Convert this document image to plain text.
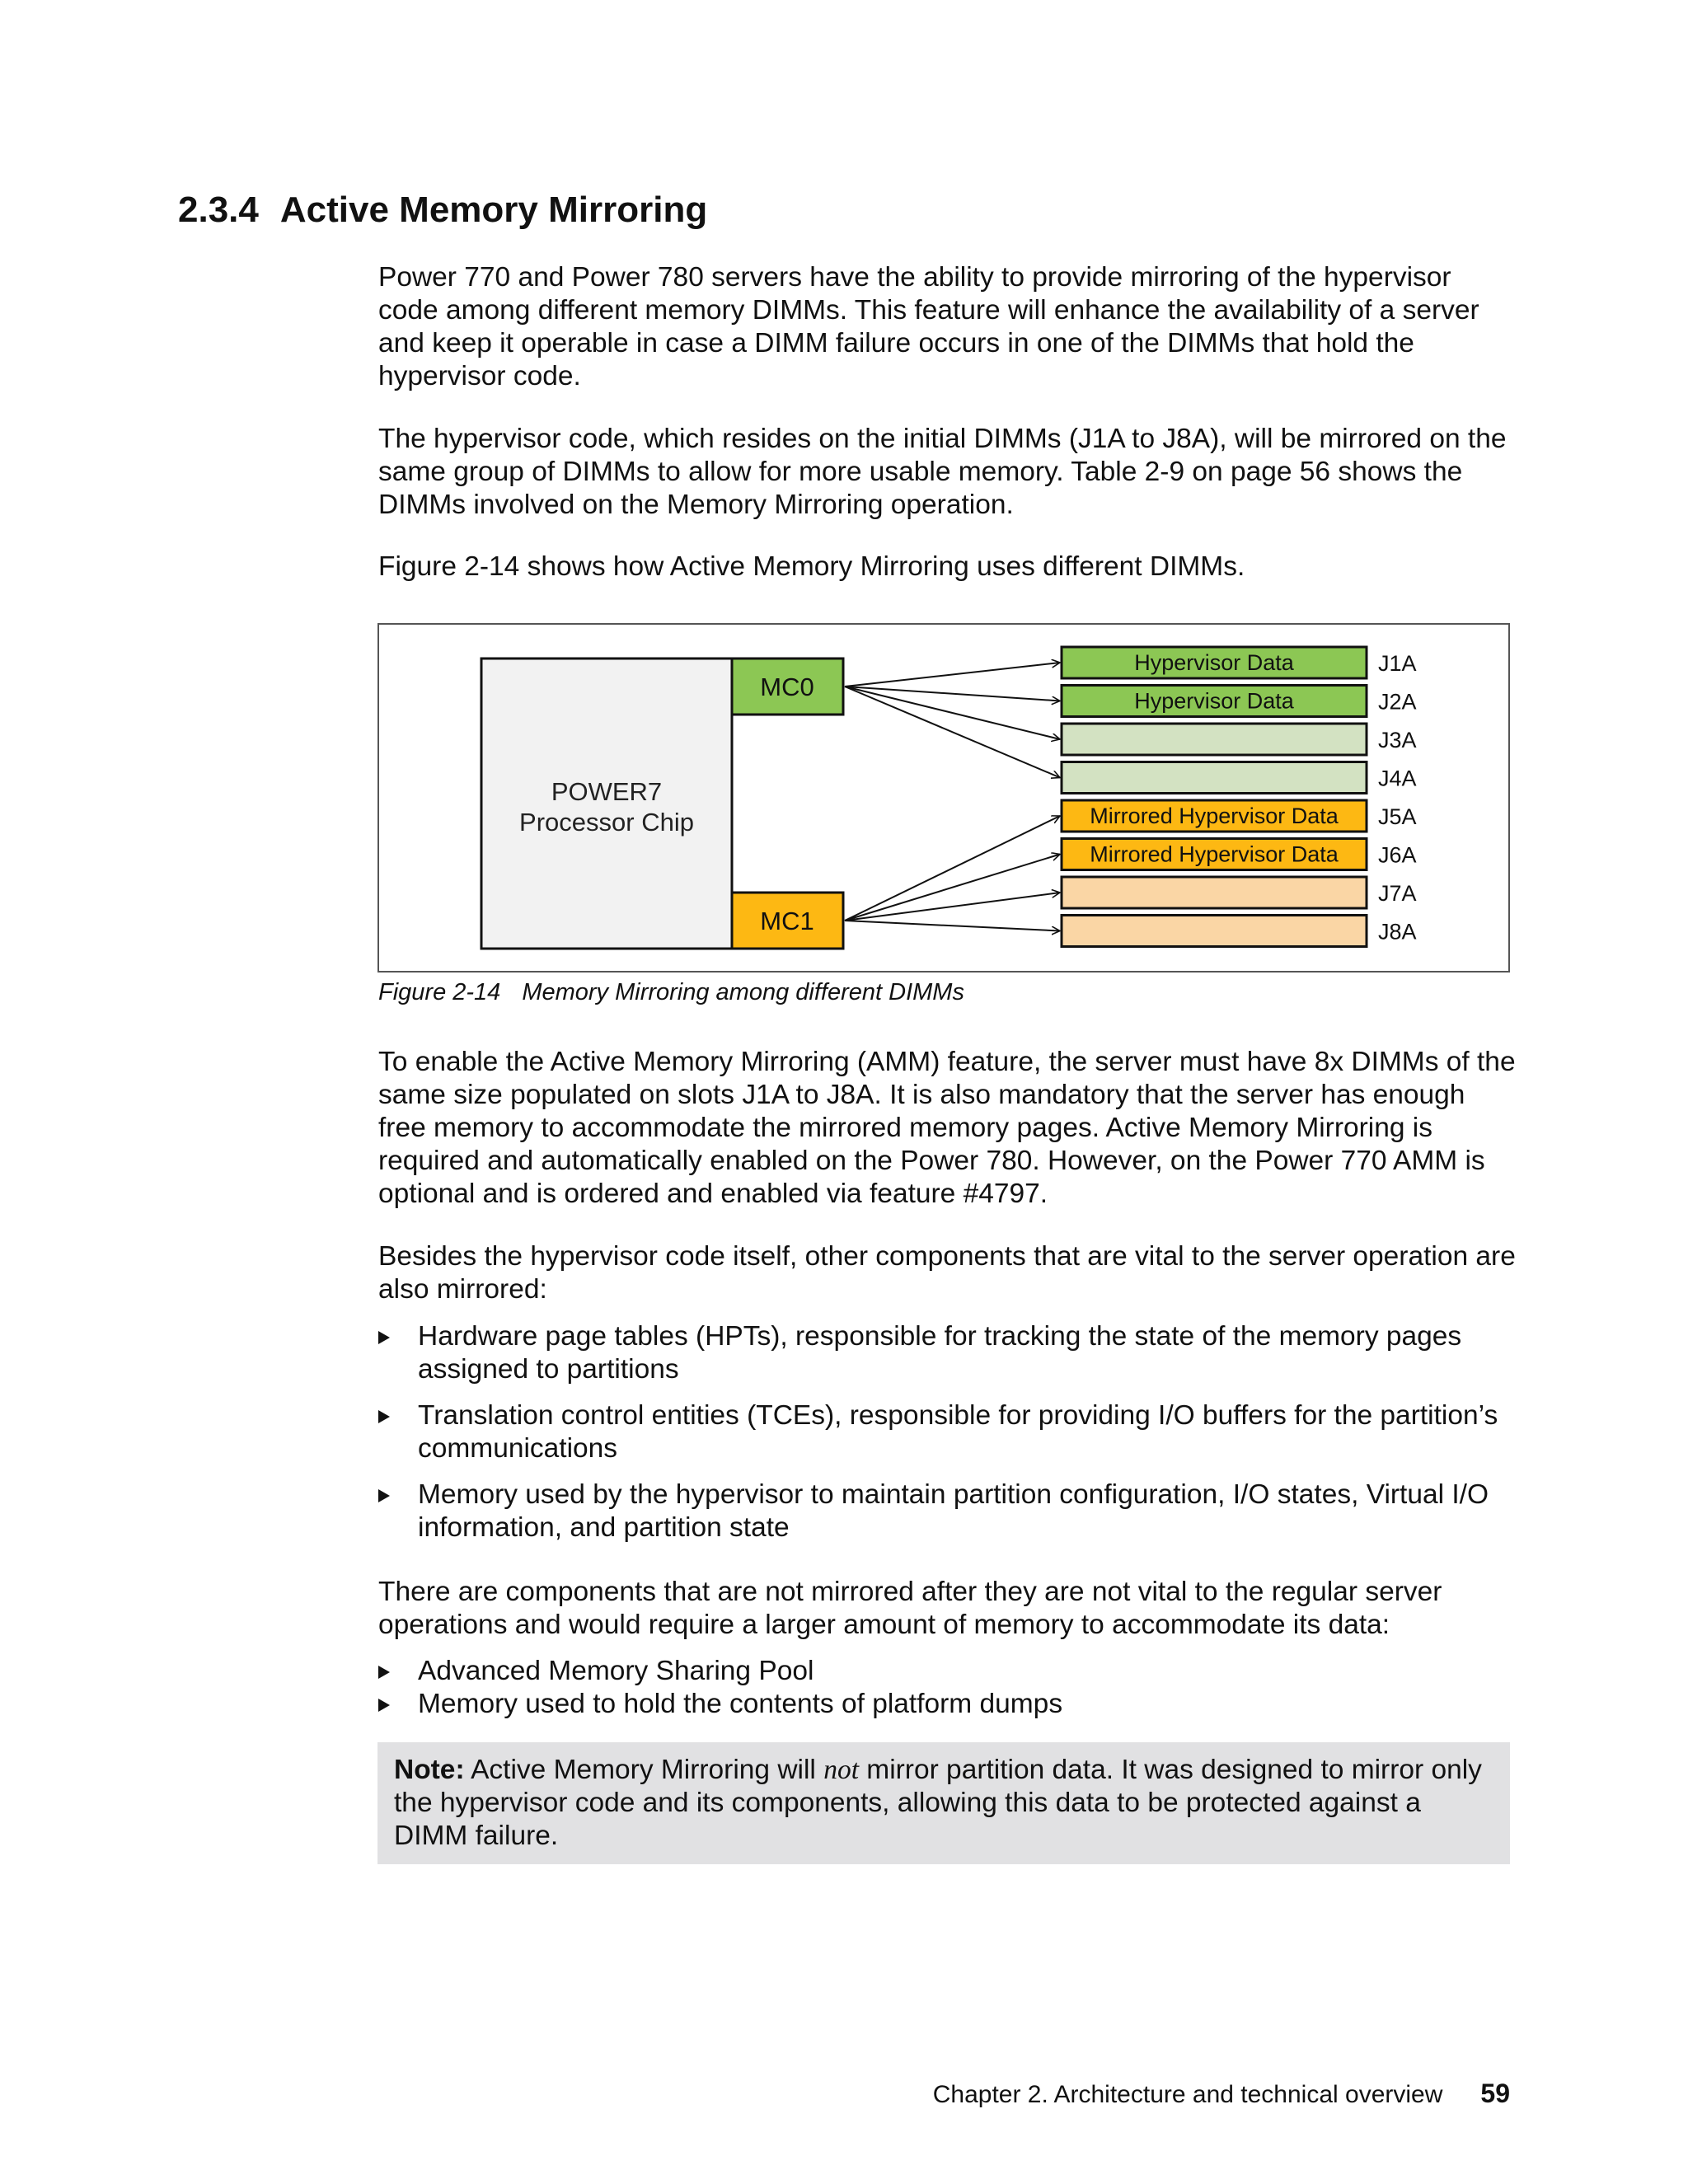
2.3.4 Active Memory Mirroring

Power 770 and Power 780 servers have the ability to provide mirroring of the hypervisor code among different memory DIMMs. This feature will enhance the availability of a server and keep it operable in case a DIMM failure occurs in one of the DIMMs that hold the hypervisor code.

The hypervisor code, which resides on the initial DIMMs (J1A to J8A), will be mirrored on the same group of DIMMs to allow for more usable memory. Table 2-9 on page 56 shows the DIMMs involved on the Memory Mirroring operation.

Figure 2-14 shows how Active Memory Mirroring uses different DIMMs.

POWER7
Processor Chip
MC0
MC1
Hypervisor Data	J1A
Hypervisor Data	J2A
J3A
J4A
Mirrored Hypervisor Data J5A
Mirrored Hypervisor Data J6A
J7A
J8A
Figure 2-14 Memory Mirroring among different DIMMs

To enable the Active Memory Mirroring (AMM) feature, the server must have 8x DIMMs of the same size populated on slots J1A to J8A. It is also mandatory that the server has enough free memory to accommodate the mirrored memory pages. Active Memory Mirroring is required and automatically enabled on the Power 780. However, on the Power 770 AMM is optional and is ordered and enabled via feature #4797.

Besides the hypervisor code itself, other components that are vital to the server operation are also mirrored:

Hardware page tables (HPTs), responsible for tracking the state of the memory pages assigned to partitions
Translation control entities (TCEs), responsible for providing I/O buffers for the partition’s communications
Memory used by the hypervisor to maintain partition configuration, I/O states, Virtual I/O information, and partition state

There are components that are not mirrored after they are not vital to the regular server operations and would require a larger amount of memory to accommodate its data:

Advanced Memory Sharing Pool
Memory used to hold the contents of platform dumps
Note: Active Memory Mirroring will not mirror partition data. It was designed to mirror only the hypervisor code and its components, allowing this data to be protected against a DIMM failure.
Chapter 2. Architecture and technical overview 59
